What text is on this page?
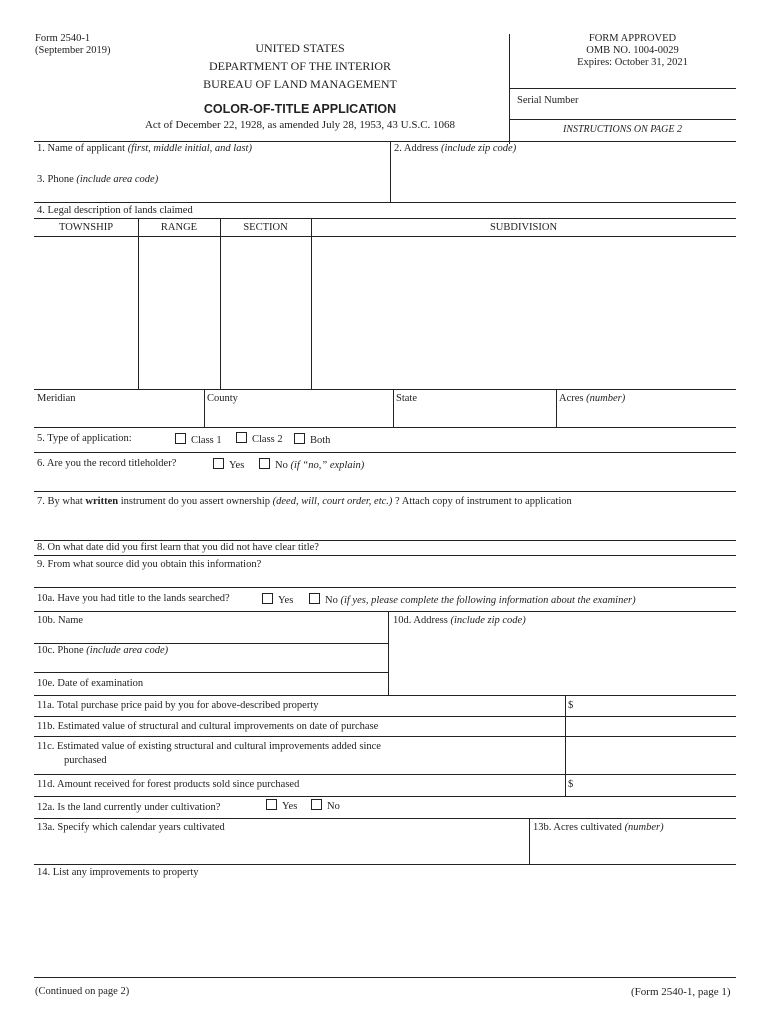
Form 2540-1
(September 2019)	UNITED STATES
DEPARTMENT OF THE INTERIOR
BUREAU OF LAND MANAGEMENT
COLOR-OF-TITLE APPLICATION
Act of December 22, 1928, as amended July 28, 1953, 43 U.S.C. 1068
FORM APPROVED
OMB NO. 1004-0029
Expires: October 31, 2021
Serial Number
INSTRUCTIONS ON PAGE 2
1. Name of applicant (first, middle initial, and last)	2. Address (include zip code)
3. Phone (include area code)
4. Legal description of lands claimed
TOWNSHIP	RANGE	SECTION	SUBDIVISION
Meridian	County	State	Acres (number)
5. Type of application:	Class 1	Class 2	Both
6. Are you the record titleholder?	Yes	No (if “no,” explain)
7. By what written instrument do you assert ownership (deed, will, court order, etc.) ? Attach copy of instrument to application
8. On what date did you first learn that you did not have clear title?
9. From what source did you obtain this information?
10a. Have you had title to the lands searched?	Yes	No (if yes, please complete the following information about the examiner)
10b. Name	10d. Address (include zip code)
10c. Phone (include area code)
10e. Date of examination
11a. Total purchase price paid by you for above-described property	$
11b. Estimated value of structural and cultural improvements on date of purchase
11c. Estimated value of existing structural and cultural improvements added since
purchased
11d. Amount received for forest products sold since purchased	$
12a. Is the land currently under cultivation?	Yes	No
13a. Specify which calendar years cultivated	13b. Acres cultivated (number)
14. List any improvements to property
(Continued on page 2)	(Form 2540-1, page 1)
